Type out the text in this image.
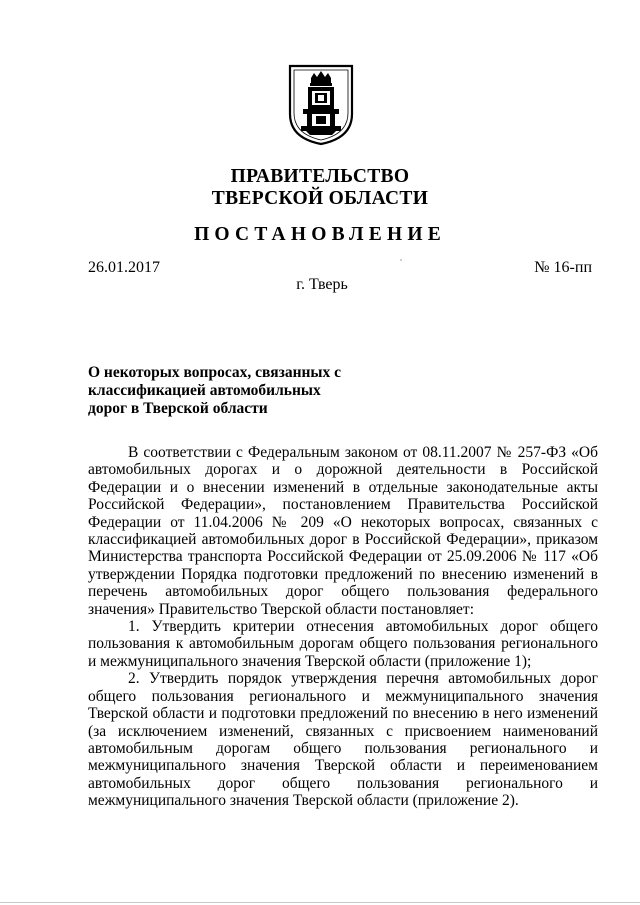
ПРАВИТЕЛЬСТВО
ТВЕРСКОЙ ОБЛАСТИ
ПОСТАНОВЛЕНИЕ
26.01.2017	№ 16-пп
г. Тверь
О некоторых вопросах, связанных с классификацией автомобильных дорог в Тверской области

В соответствии с Федеральным законом от 08.11.2007 № 257-ФЗ «Об автомобильных дорогах и о дорожной деятельности в Российской Федерации и о внесении изменений в отдельные законодательные акты Российской Федерации», постановлением Правительства Российской Федерации от 11.04.2006 № 209 «О некоторых вопросах, связанных с классификацией автомобильных дорог в Российской Федерации», приказом Министерства транспорта Российской Федерации от 25.09.2006 № 117 «Об утверждении Порядка подготовки предложений по внесению изменений в перечень автомобильных дорог общего пользования федерального значения» Правительство Тверской области постановляет:

1. Утвердить критерии отнесения автомобильных дорог общего пользования к автомобильным дорогам общего пользования регионального и межмуниципального значения Тверской области (приложение 1);

2. Утвердить порядок утверждения перечня автомобильных дорог общего пользования регионального и межмуниципального значения Тверской области и подготовки предложений по внесению в него изменений (за исключением изменений, связанных с присвоением наименований автомобильным дорогам общего пользования регионального и межмуниципального значения Тверской области и переименованием автомобильных дорог общего пользования регионального и межмуниципального значения Тверской области (приложение 2).
